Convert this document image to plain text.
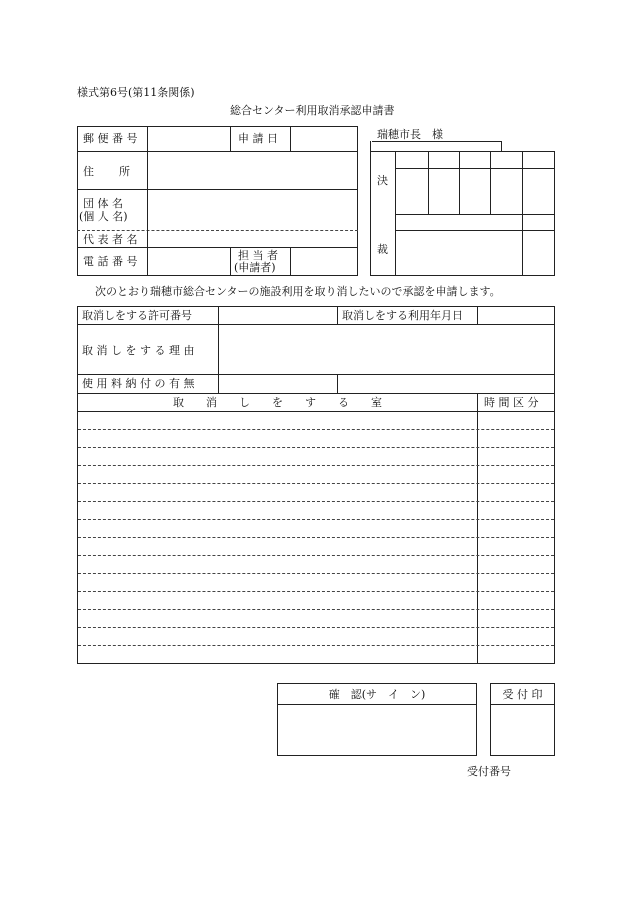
様式第6号(第11条関係)
総合センター利用取消承認申請書
郵 便 番 号	申 請 日
住　　所
団 体 名
(個 人 名)
代 表 者 名
電 話 番 号	担 当 者
(申請者)
瑞穂市長　様
決
裁
次のとおり瑞穂市総合センターの施設利用を取り消したいので承認を申請します。
取消しをする許可番号	取消しをする利用年月日
取 消 し を す る 理 由
使 用 料 納 付 の 有 無
取　　消　　し　　を　　す　　る　　室	時 間 区 分
確　認(サ　イ　ン)	受 付 印
受付番号
